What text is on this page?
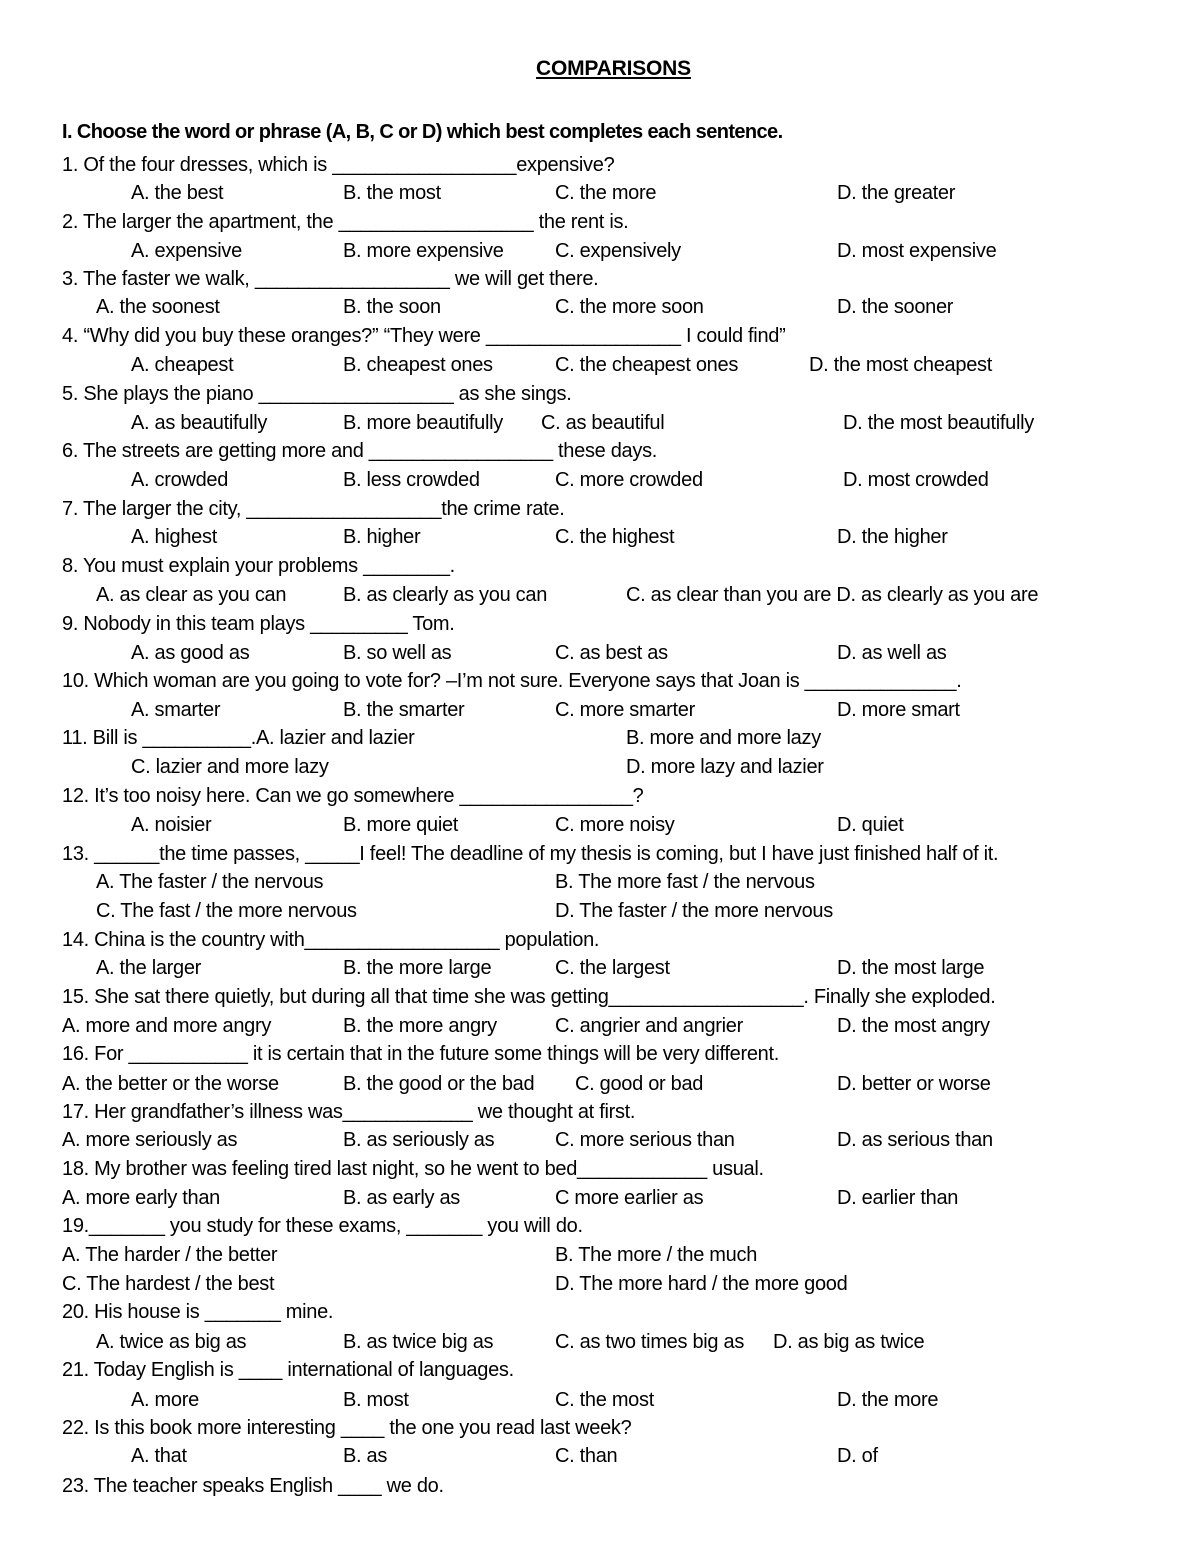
COMPARISONS
I. Choose the word or phrase (A, B, C or D) which best completes each sentence.
1. Of the four dresses, which is _________________expensive?
A. the best	B. the most	C. the more	D. the greater
2. The larger the apartment, the __________________ the rent is.
A. expensive	B. more expensive	C. expensively	D. most expensive
3. The faster we walk, __________________ we will get there.
A. the soonest	B. the soon	C. the more soon	D. the sooner
4. “Why did you buy these oranges?” “They were __________________ I could find”
A. cheapest	B. cheapest ones	C. the cheapest ones	D. the most cheapest
5. She plays the piano __________________ as she sings.
A. as beautifully	B. more beautifully C. as beautiful	D. the most beautifully
6. The streets are getting more and _________________ these days.
A. crowded	B. less crowded	C. more crowded	D. most crowded
7. The larger the city, __________________the crime rate.
A. highest	B. higher	C. the highest	D. the higher
8. You must explain your problems ________.
A. as clear as you can	B. as clearly as you can	C. as clear than you are D. as clearly as you are
9. Nobody in this team plays _________ Tom.
A. as good as	B. so well as	C. as best as	D. as well as
10. Which woman are you going to vote for? –I’m not sure. Everyone says that Joan is ______________.
A. smarter	B. the smarter	C. more smarter	D. more smart
11. Bill is __________.A. lazier and lazier	B. more and more lazy
C. lazier and more lazy	D. more lazy and lazier
12. It’s too noisy here. Can we go somewhere ________________?
A. noisier	B. more quiet	C. more noisy	D. quiet
13. ______the time passes, _____I feel! The deadline of my thesis is coming, but I have just finished half of it.
A. The faster / the nervous	B. The more fast / the nervous
C. The fast / the more nervous	D. The faster / the more nervous
14. China is the country with__________________ population.
A. the larger	B. the more large	C. the largest	D. the most large
15. She sat there quietly, but during all that time she was getting__________________. Finally she exploded.
A. more and more angry	B. the more angry	C. angrier and angrier	D. the most angry
16. For ___________ it is certain that in the future some things will be very different.
A. the better or the worse	B. the good or the bad C. good or bad	D. better or worse
17. Her grandfather’s illness was____________ we thought at first.
A. more seriously as	B. as seriously as	C. more serious than	D. as serious than
18. My brother was feeling tired last night, so he went to bed____________ usual.
A. more early than	B. as early as	C more earlier as	D. earlier than
19._______ you study for these exams, _______ you will do.
A. The harder / the better	B. The more / the much
C. The hardest / the best	D. The more hard / the more good
20. His house is _______ mine.
A. twice as big as	B. as twice big as	C. as two times big as D. as big as twice
21. Today English is ____ international of languages.
A. more	B. most	C. the most	D. the more
22. Is this book more interesting ____ the one you read last week?
A. that	B. as	C. than	D. of
23. The teacher speaks English ____ we do.
